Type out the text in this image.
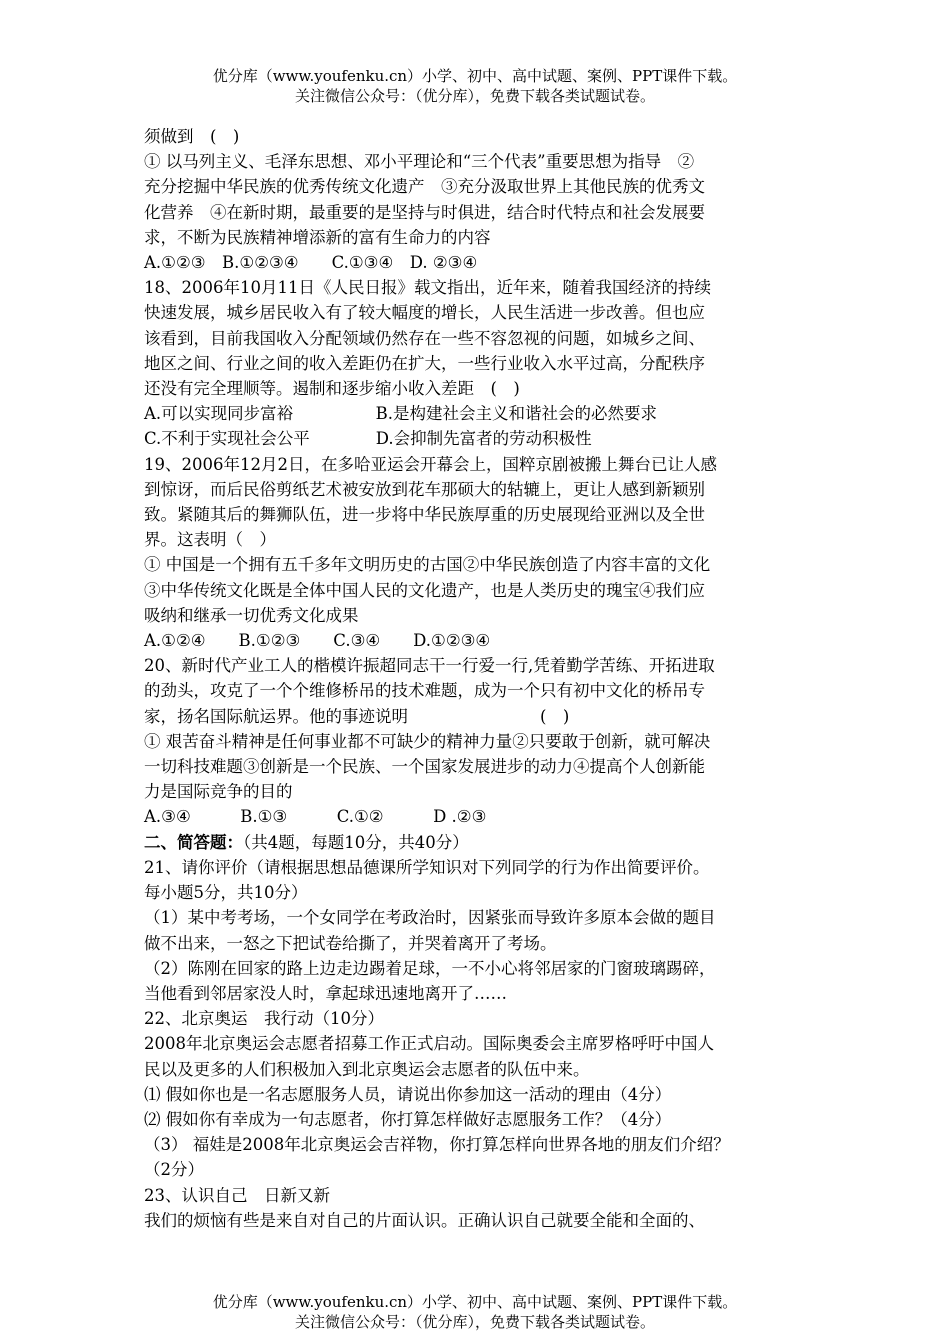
优分库（www.youfenku.cn）小学、初中、高中试题、案例、PPT课件下载。
关注微信公众号：（优分库），免费下载各类试题试卷。

须做到　(　)

① 以马列主义、毛泽东思想、邓小平理论和“三个代表”重要思想为指导　②

充分挖掘中华民族的优秀传统文化遗产　③充分汲取世界上其他民族的优秀文

化营养　④在新时期，最重要的是坚持与时俱进，结合时代特点和社会发展要

求，不断为民族精神增添新的富有生命力的内容

A.①②③　B.①②③④　　C.①③④　D. ②③④

18、2006年10月11日《人民日报》载文指出，近年来，随着我国经济的持续

快速发展，城乡居民收入有了较大幅度的增长，人民生活进一步改善。但也应

该看到，目前我国收入分配领域仍然存在一些不容忽视的问题，如城乡之间、

地区之间、行业之间的收入差距仍在扩大，一些行业收入水平过高，分配秩序

还没有完全理顺等。遏制和逐步缩小收入差距　(　)

A.可以实现同步富裕　　　　　B.是构建社会主义和谐社会的必然要求

C.不利于实现社会公平　　　　D.会抑制先富者的劳动积极性

19、2006年12月2日，在多哈亚运会开幕会上，国粹京剧被搬上舞台已让人感

到惊讶，而后民俗剪纸艺术被安放到花车那硕大的轱辘上，更让人感到新颖别

致。紧随其后的舞狮队伍，进一步将中华民族厚重的历史展现给亚洲以及全世

界。这表明（　）

① 中国是一个拥有五千多年文明历史的古国②中华民族创造了内容丰富的文化

③中华传统文化既是全体中国人民的文化遗产，也是人类历史的瑰宝④我们应

吸纳和继承一切优秀文化成果

A.①②④　　B.①②③　　C.③④　　D.①②③④

20、新时代产业工人的楷模许振超同志干一行爱一行,凭着勤学苦练、开拓进取

的劲头，攻克了一个个维修桥吊的技术难题，成为一个只有初中文化的桥吊专

家，扬名国际航运界。他的事迹说明　　　　　　　　(　)

① 艰苦奋斗精神是任何事业都不可缺少的精神力量②只要敢于创新，就可解决

一切科技难题③创新是一个民族、一个国家发展进步的动力④提高个人创新能

力是国际竞争的目的

A.③④　　　B.①③　　　C.①②　　　D .②③

二、简答题：（共4题，每题10分，共40分）

21、请你评价（请根据思想品德课所学知识对下列同学的行为作出简要评价。

每小题5分，共10分）

（1）某中考考场，一个女同学在考政治时，因紧张而导致许多原本会做的题目

做不出来，一怒之下把试卷给撕了，并哭着离开了考场。

（2）陈刚在回家的路上边走边踢着足球，一不小心将邻居家的门窗玻璃踢碎，

当他看到邻居家没人时，拿起球迅速地离开了……

22、北京奥运　我行动（10分）

2008年北京奥运会志愿者招募工作正式启动。国际奥委会主席罗格呼吁中国人

民以及更多的人们积极加入到北京奥运会志愿者的队伍中来。

⑴ 假如你也是一名志愿服务人员，请说出你参加这一活动的理由（4分）

⑵ 假如你有幸成为一句志愿者，你打算怎样做好志愿服务工作？（4分）

（3） 福娃是2008年北京奥运会吉祥物，你打算怎样向世界各地的朋友们介绍？

（2分）

23、认识自己　日新又新

我们的烦恼有些是来自对自己的片面认识。正确认识自己就要全能和全面的、

优分库（www.youfenku.cn）小学、初中、高中试题、案例、PPT课件下载。
关注微信公众号：（优分库），免费下载各类试题试卷。
